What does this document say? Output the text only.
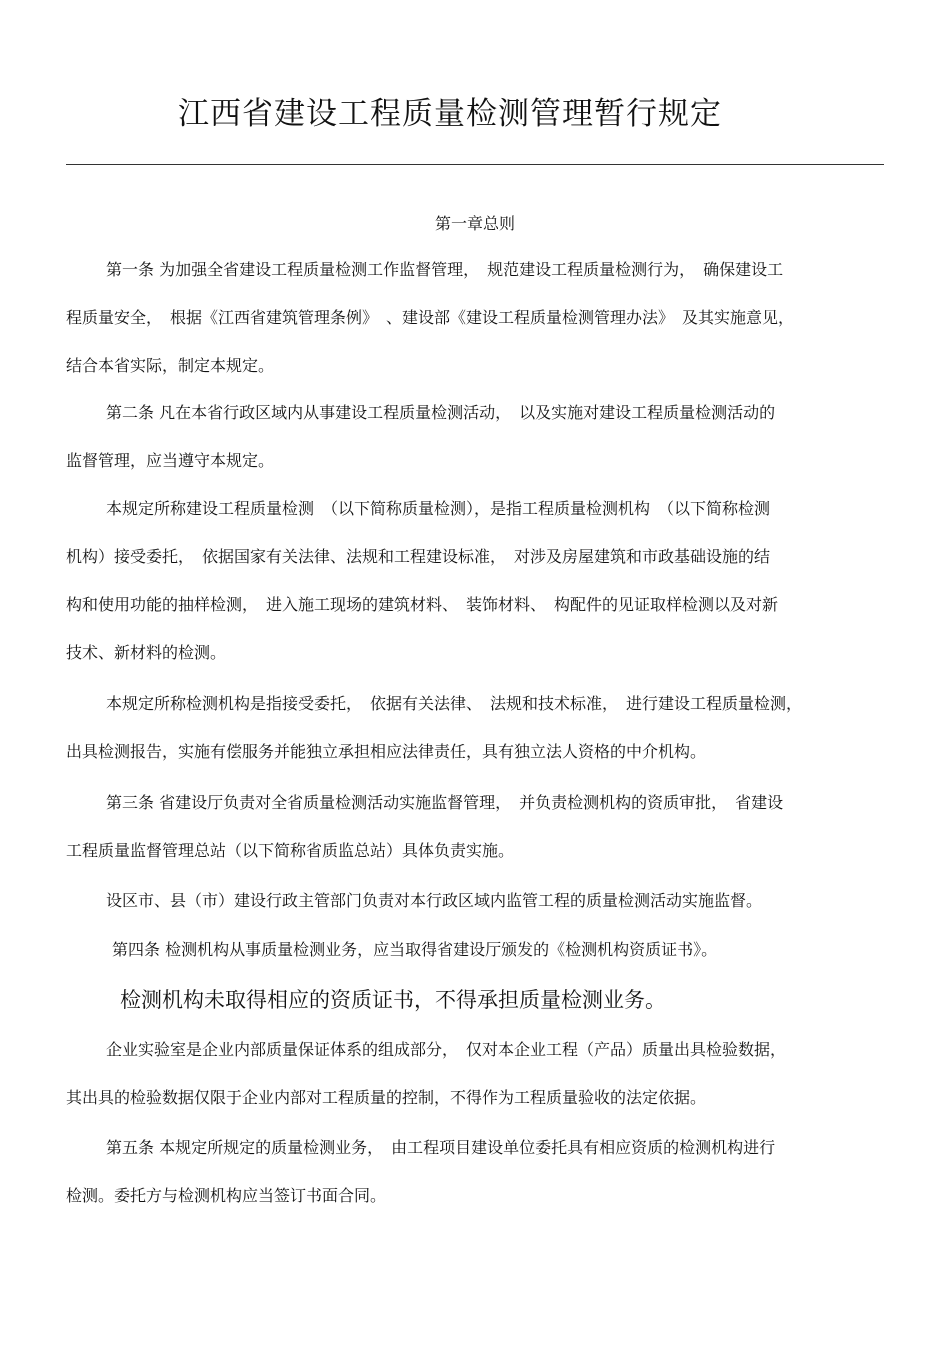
江西省建设工程质量检测管理暂行规定
第一章总则
第一条 为加强全省建设工程质量检测工作监督管理，　规范建设工程质量检测行为，　确保建设工
程质量安全，　根据《江西省建筑管理条例》　、建设部《建设工程质量检测管理办法》　及其实施意见，
结合本省实际，制定本规定。
第二条 凡在本省行政区域内从事建设工程质量检测活动，　以及实施对建设工程质量检测活动的
监督管理，应当遵守本规定。
本规定所称建设工程质量检测　（以下简称质量检测），是指工程质量检测机构　（以下简称检测
机构）接受委托，　依据国家有关法律、法规和工程建设标准，　对涉及房屋建筑和市政基础设施的结
构和使用功能的抽样检测，　进入施工现场的建筑材料、　装饰材料、　构配件的见证取样检测以及对新
技术、新材料的检测。
本规定所称检测机构是指接受委托，　依据有关法律、　法规和技术标准，　进行建设工程质量检测，
出具检测报告，实施有偿服务并能独立承担相应法律责任，具有独立法人资格的中介机构。
第三条 省建设厅负责对全省质量检测活动实施监督管理，　并负责检测机构的资质审批，　省建设
工程质量监督管理总站（以下简称省质监总站）具体负责实施。
设区市、县（市）建设行政主管部门负责对本行政区域内监管工程的质量检测活动实施监督。
第四条 检测机构从事质量检测业务，应当取得省建设厅颁发的《检测机构资质证书》。
检测机构未取得相应的资质证书，不得承担质量检测业务。
企业实验室是企业内部质量保证体系的组成部分，　仅对本企业工程（产品）质量出具检验数据，
其出具的检验数据仅限于企业内部对工程质量的控制，不得作为工程质量验收的法定依据。
第五条 本规定所规定的质量检测业务，　由工程项目建设单位委托具有相应资质的检测机构进行
检测。委托方与检测机构应当签订书面合同。
